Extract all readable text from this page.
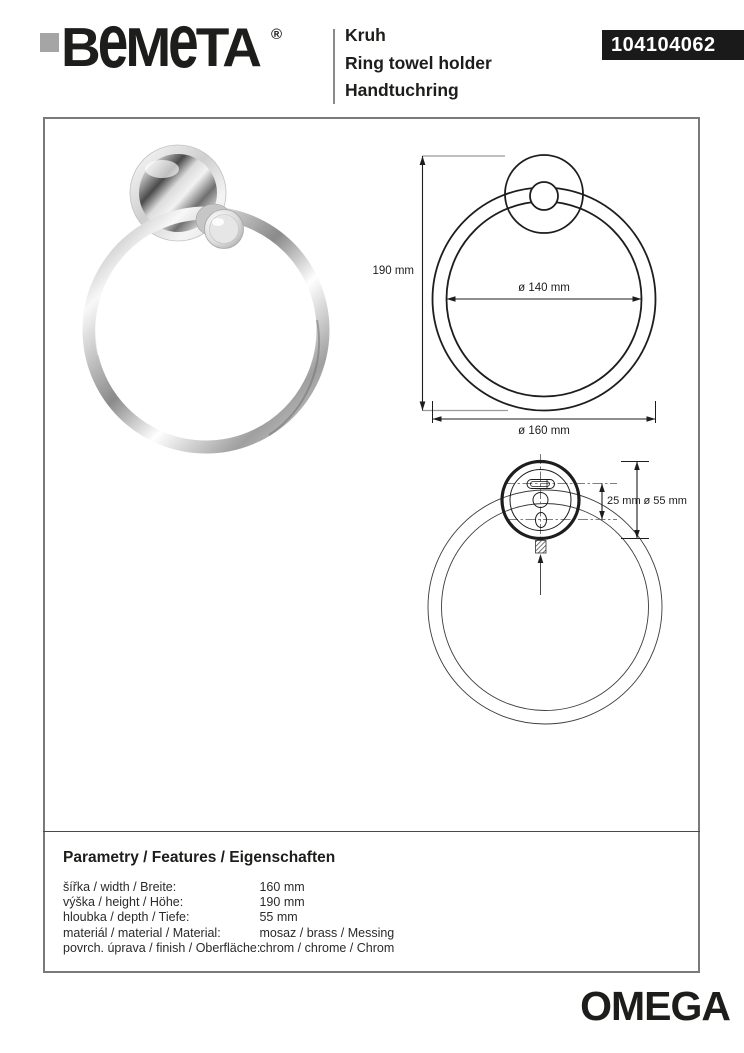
BeMeTA ®	Kruh
Ring towel holder
Handtuchring
104104062
190 mm
ø 140 mm
ø 160 mm
25 mm ø 55 mm
Parametry / Features / Eigenschaften
šířka / width / Breite:	160 mm
výška / height / Höhe:	190 mm
hloubka / depth / Tiefe:	55 mm
materiál / material / Material:	mosaz / brass / Messing
povrch. úprava / finish / Oberfläche: chrom / chrome / Chrom
OMEGA
